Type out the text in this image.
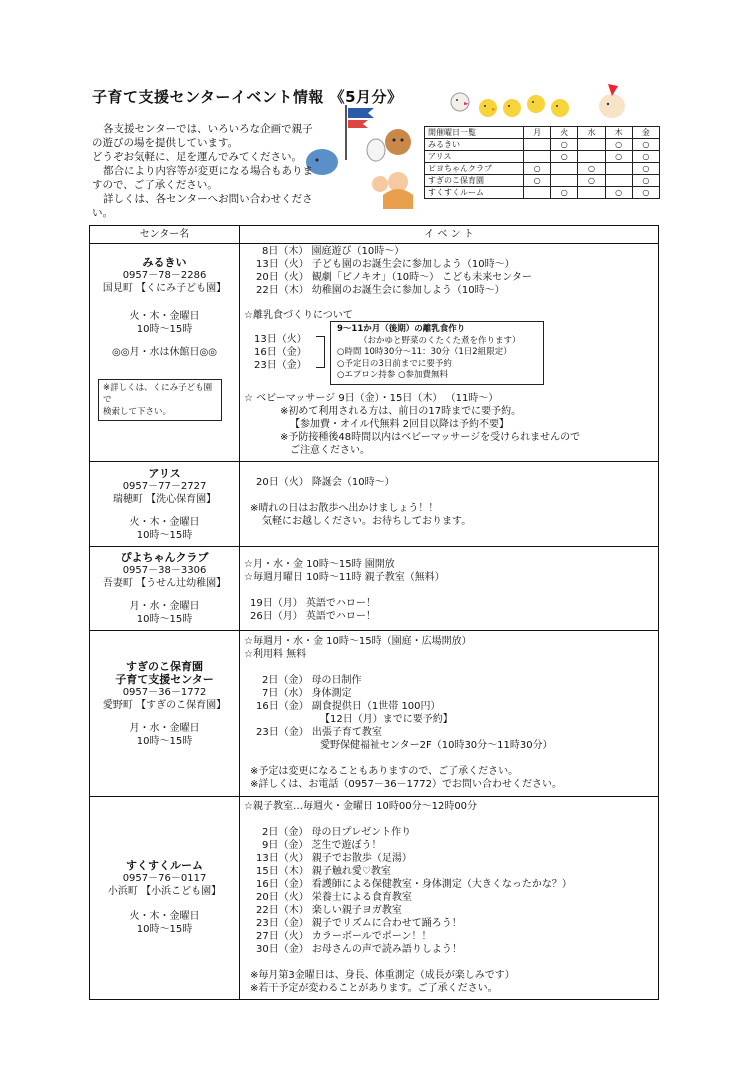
子育て支援センターイベント情報 《5月分》
各支援センターでは、いろいろな企画で親子
の遊びの場を提供しています。
どうぞお気軽に、足を運んでみてください。
都合により内容等が変更になる場合もありま
すので、ご了承ください。
詳しくは、各センターへお問い合わせくださ
い。
開催曜日一覧	月	火	水	木	金
みるきい		○		○	○
アリス		○		○	○
ピヨちゃんクラブ	○		○		○
すぎのこ保育園	○		○		○
すくすくルーム		○		○	○
センター名	イ ベ ン ト
みるきい
0957－78－2286
国見町 【くにみ子ども園】
火・木・金曜日
10時～15時
◎◎月・水は休館日◎◎
※詳しくは、くにみ子ども園で
検索して下さい。
8日（木） 園庭遊び（10時～）
13日（火） 子ども園のお誕生会に参加しよう（10時～）
20日（火） 観劇「ピノキオ」（10時～） こども未来センター
22日（木） 幼稚園のお誕生会に参加しよう（10時～）
☆離乳食づくりについて
13日（火）
16日（金）
23日（金）
9～11か月（後期）の離乳食作り
（おかゆと野菜のくたくた煮を作ります）
○時間 10時30分～11：30分（1日2組限定）
○予定日の3日前までに要予約
○エプロン持参 ○参加費無料
☆ ベビーマッサージ 9日（金）・15日（木） （11時～）
※初めて利用される方は、前日の17時までに要予約。
【参加費・オイル代無料 2回目以降は予約不要】
※予防接種後48時間以内はベビーマッサージを受けられませんので
ご注意ください。
アリス
0957－77－2727
瑞穂町 【洗心保育園】
火・木・金曜日
10時～15時
20日（火） 降誕会（10時～）
※晴れの日はお散歩へ出かけましょう！！
気軽にお越しください。お待ちしております。
ぴよちゃんクラブ
0957－38－3306
吾妻町 【うせん辻幼稚園】
月・水・金曜日
10時～15時
☆月・水・金 10時～15時 園開放
☆毎週月曜日 10時～11時 親子教室（無料）
19日（月） 英語でハロー！
26日（月） 英語でハロー！
すぎのこ保育園
子育て支援センター
0957－36－1772
愛野町 【すぎのこ保育園】
月・水・金曜日
10時～15時
☆毎週月・水・金 10時～15時（園庭・広場開放）
☆利用料 無料
2日（金） 母の日制作
7日（水） 身体測定
16日（金） 副食提供日（1世帯 100円）
【12日（月）までに要予約】
23日（金） 出張子育て教室
愛野保健福祉センター2F（10時30分～11時30分）
※予定は変更になることもありますので、ご了承ください。
※詳しくは、お電話（0957－36－1772）でお問い合わせください。
すくすくルーム
0957－76－0117
小浜町 【小浜こども園】
火・木・金曜日
10時～15時
☆親子教室…毎週火・金曜日 10時00分～12時00分
2日（金） 母の日プレゼント作り
9日（金） 芝生で遊ぼう！
13日（火） 親子でお散歩（足湯）
15日（木） 親子触れ愛♡教室
16日（金） 看護師による保健教室・身体測定（大きくなったかな？）
20日（火） 栄養士による食育教室
22日（木） 楽しい親子ヨガ教室
23日（金） 親子でリズムに合わせて踊ろう！
27日（火） カラーボールでポーン！！
30日（金） お母さんの声で読み語りしよう！
※毎月第3金曜日は、身長、体重測定（成長が楽しみです）
※若干予定が変わることがあります。ご了承ください。
